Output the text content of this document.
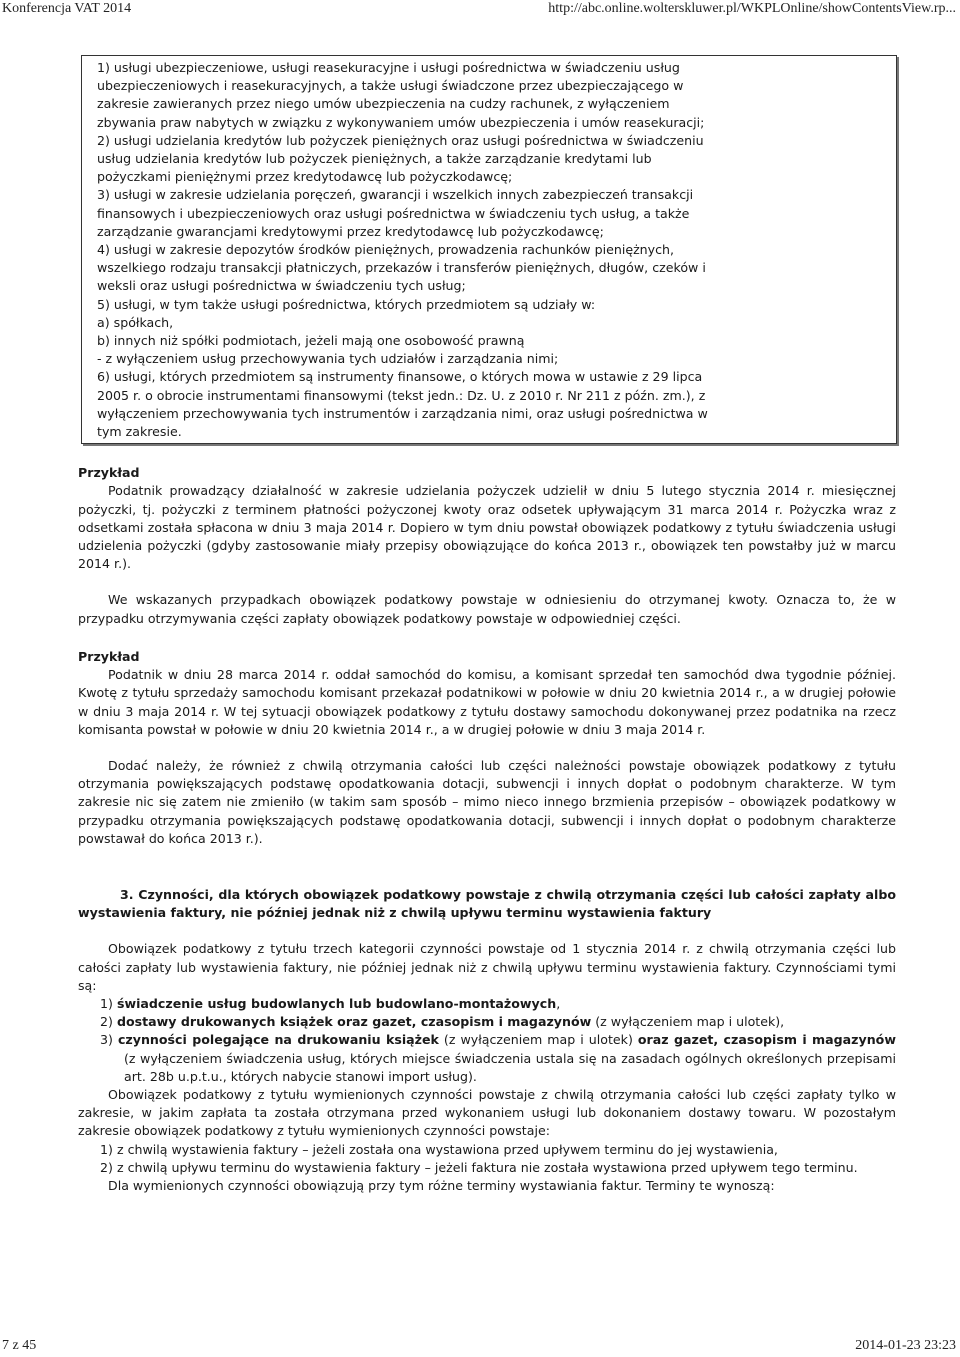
Konferencja VAT 2014	http://abc.online.wolterskluwer.pl/WKPLOnline/showContentsView.rp...

1) usługi ubezpieczeniowe, usługi reasekuracyjne i usługi pośrednictwa w świadczeniu usług

ubezpieczeniowych i reasekuracyjnych, a także usługi świadczone przez ubezpieczającego w

zakresie zawieranych przez niego umów ubezpieczenia na cudzy rachunek, z wyłączeniem

zbywania praw nabytych w związku z wykonywaniem umów ubezpieczenia i umów reasekuracji;

2) usługi udzielania kredytów lub pożyczek pieniężnych oraz usługi pośrednictwa w świadczeniu

usług udzielania kredytów lub pożyczek pieniężnych, a także zarządzanie kredytami lub

pożyczkami pieniężnymi przez kredytodawcę lub pożyczkodawcę;

3) usługi w zakresie udzielania poręczeń, gwarancji i wszelkich innych zabezpieczeń transakcji

finansowych i ubezpieczeniowych oraz usługi pośrednictwa w świadczeniu tych usług, a także

zarządzanie gwarancjami kredytowymi przez kredytodawcę lub pożyczkodawcę;

4) usługi w zakresie depozytów środków pieniężnych, prowadzenia rachunków pieniężnych,

wszelkiego rodzaju transakcji płatniczych, przekazów i transferów pieniężnych, długów, czeków i

weksli oraz usługi pośrednictwa w świadczeniu tych usług;

5) usługi, w tym także usługi pośrednictwa, których przedmiotem są udziały w:

a) spółkach,

b) innych niż spółki podmiotach, jeżeli mają one osobowość prawną

- z wyłączeniem usług przechowywania tych udziałów i zarządzania nimi;

6) usługi, których przedmiotem są instrumenty finansowe, o których mowa w ustawie z 29 lipca

2005 r. o obrocie instrumentami finansowymi (tekst jedn.: Dz. U. z 2010 r. Nr 211 z późn. zm.), z

wyłączeniem przechowywania tych instrumentów i zarządzania nimi, oraz usługi pośrednictwa w

tym zakresie.

Przykład

Podatnik prowadzący działalność w zakresie udzielania pożyczek udzielił w dniu 5 lutego stycznia 2014 r. miesięcznej pożyczki, tj. pożyczki z terminem płatności pożyczonej kwoty oraz odsetek upływającym 31 marca 2014 r. Pożyczka wraz z odsetkami została spłacona w dniu 3 maja 2014 r. Dopiero w tym dniu powstał obowiązek podatkowy z tytułu świadczenia usługi udzielenia pożyczki (gdyby zastosowanie miały przepisy obowiązujące do końca 2013 r., obowiązek ten powstałby już w marcu 2014 r.).

We wskazanych przypadkach obowiązek podatkowy powstaje w odniesieniu do otrzymanej kwoty. Oznacza to, że w przypadku otrzymywania części zapłaty obowiązek podatkowy powstaje w odpowiedniej części.

Przykład

Podatnik w dniu 28 marca 2014 r. oddał samochód do komisu, a komisant sprzedał ten samochód dwa tygodnie później. Kwotę z tytułu sprzedaży samochodu komisant przekazał podatnikowi w połowie w dniu 20 kwietnia 2014 r., a w drugiej połowie w dniu 3 maja 2014 r. W tej sytuacji obowiązek podatkowy z tytułu dostawy samochodu dokonywanej przez podatnika na rzecz komisanta powstał w połowie w dniu 20 kwietnia 2014 r., a w drugiej połowie w dniu 3 maja 2014 r.

Dodać należy, że również z chwilą otrzymania całości lub części należności powstaje obowiązek podatkowy z tytułu otrzymania powiększających podstawę opodatkowania dotacji, subwencji i innych dopłat o podobnym charakterze. W tym zakresie nic się zatem nie zmieniło (w takim sam sposób – mimo nieco innego brzmienia przepisów – obowiązek podatkowy w przypadku otrzymania powiększających podstawę opodatkowania dotacji, subwencji i innych dopłat o podobnym charakterze powstawał do końca 2013 r.).

3. Czynności, dla których obowiązek podatkowy powstaje z chwilą otrzymania części lub całości zapłaty albo wystawienia faktury, nie później jednak niż z chwilą upływu terminu wystawienia faktury

Obowiązek podatkowy z tytułu trzech kategorii czynności powstaje od 1 stycznia 2014 r. z chwilą otrzymania części lub całości zapłaty lub wystawienia faktury, nie później jednak niż z chwilą upływu terminu wystawienia faktury. Czynnościami tymi są:

1) świadczenie usług budowlanych lub budowlano-montażowych,
2) dostawy drukowanych książek oraz gazet, czasopism i magazynów (z wyłączeniem map i ulotek),
3) czynności polegające na drukowaniu książek (z wyłączeniem map i ulotek) oraz gazet, czasopism i magazynów (z wyłączeniem świadczenia usług, których miejsce świadczenia ustala się na zasadach ogólnych określonych przepisami art. 28b u.p.t.u., których nabycie stanowi import usług).

Obowiązek podatkowy z tytułu wymienionych czynności powstaje z chwilą otrzymania całości lub części zapłaty tylko w zakresie, w jakim zapłata ta została otrzymana przed wykonaniem usługi lub dokonaniem dostawy towaru. W pozostałym zakresie obowiązek podatkowy z tytułu wymienionych czynności powstaje:

1) z chwilą wystawienia faktury – jeżeli została ona wystawiona przed upływem terminu do jej wystawienia,
2) z chwilą upływu terminu do wystawienia faktury – jeżeli faktura nie została wystawiona przed upływem tego terminu.

Dla wymienionych czynności obowiązują przy tym różne terminy wystawiania faktur. Terminy te wynoszą:

7 z 45	2014-01-23 23:23
